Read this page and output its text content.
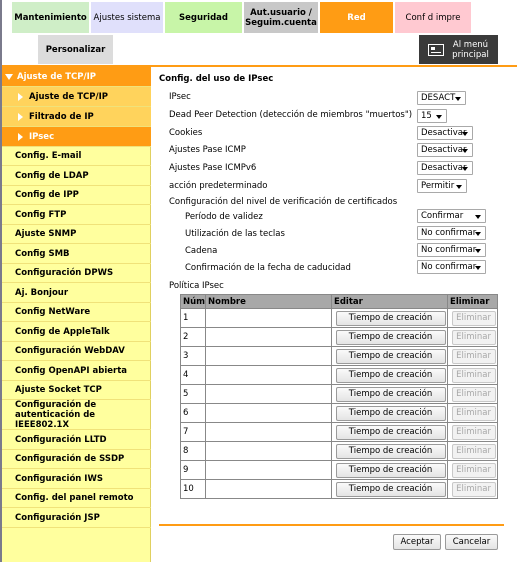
Mantenimiento Ajustes sistema Seguridad	Aut.usuario /
Seguim.cuenta	Red	Conf d impre
Personalizar	Al menú
principal
Ajuste de TCP/IP
Ajuste de TCP/IP
Filtrado de IP
IPsec
Config. E-mail
Config de LDAP
Config de IPP
Config FTP
Ajuste SNMP
Config SMB
Configuración DPWS
Aj. Bonjour
Config NetWare
Config de AppleTalk
Configuración WebDAV
Config OpenAPI abierta
Ajuste Socket TCP
Configuración de
autenticación de IEEE802.1X
Configuración LLTD
Configuración de SSDP
Configuración IWS
Config. del panel remoto
Configuración JSP
Config. del uso de IPsec
IPsec	DESACT
Dead Peer Detection (detección de miembros "muertos")	15
Cookies	Desactivar
Ajustes Pase ICMP	Desactivar
Ajustes Pase ICMPv6	Desactivar
acción predeterminado	Permitir
Configuración del nivel de verificación de certificados
Período de validez	Confirmar
Utilización de las teclas	No confirmar
Cadena	No confirmar
Confirmación de la fecha de caducidad	No confirmar
Política IPsec
Núm	Nombre	Editar	Eliminar
1		Tiempo de creación	Eliminar

2		Tiempo de creación	Eliminar

3		Tiempo de creación	Eliminar

4		Tiempo de creación	Eliminar

5		Tiempo de creación	Eliminar

6		Tiempo de creación	Eliminar

7		Tiempo de creación	Eliminar

8		Tiempo de creación	Eliminar

9		Tiempo de creación	Eliminar

10		Tiempo de creación	Eliminar
Aceptar	Cancelar
